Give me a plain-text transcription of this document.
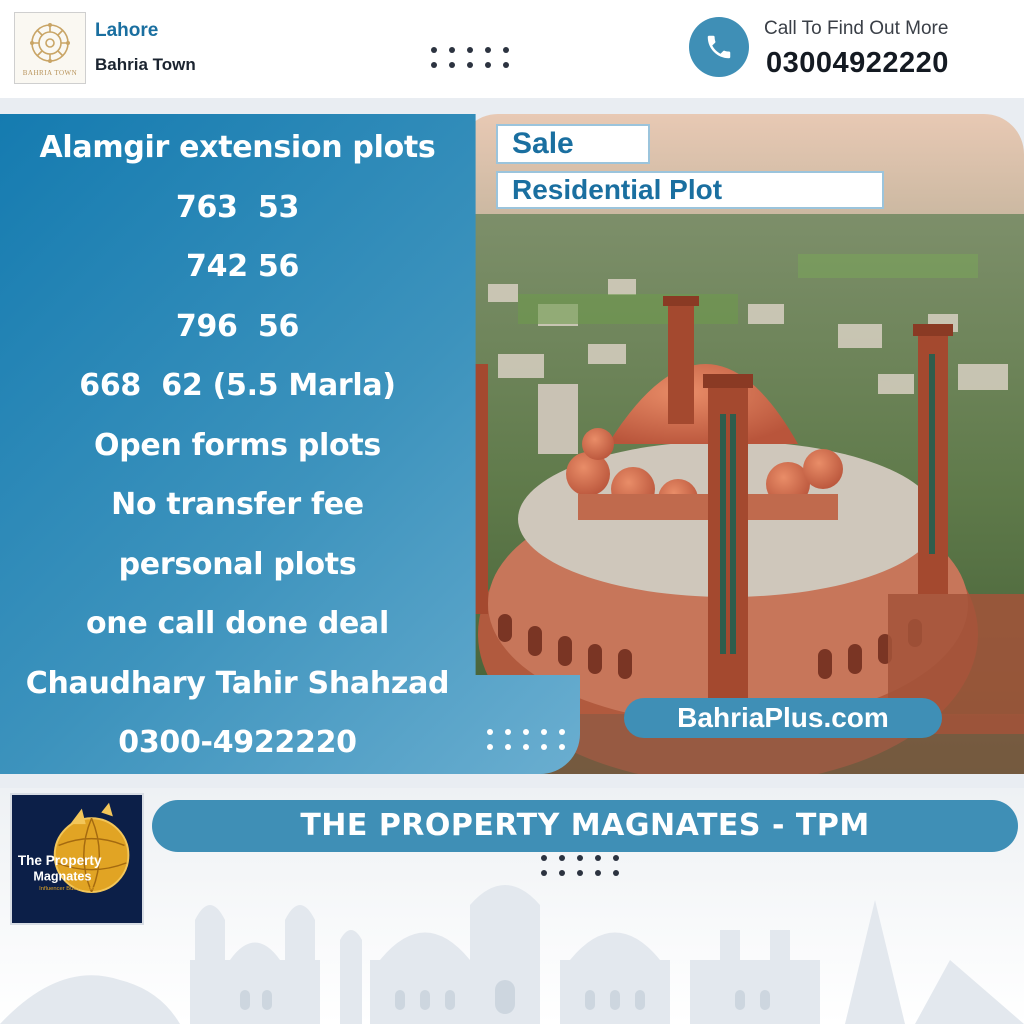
BAHRIA TOWN
Lahore
Bahria Town
Call To Find Out More
03004922220
Alamgir extension plots
763  53
742 56
796  56
668  62 (5.5 Marla)
Open forms plots
No transfer fee
personal plots
one call done deal
Chaudhary Tahir Shahzad
0300-4922220
Sale
Residential Plot
BahriaPlus.com
THE PROPERTY MAGNATES - TPM
The Property
Magnates
Influencer Businessmen
